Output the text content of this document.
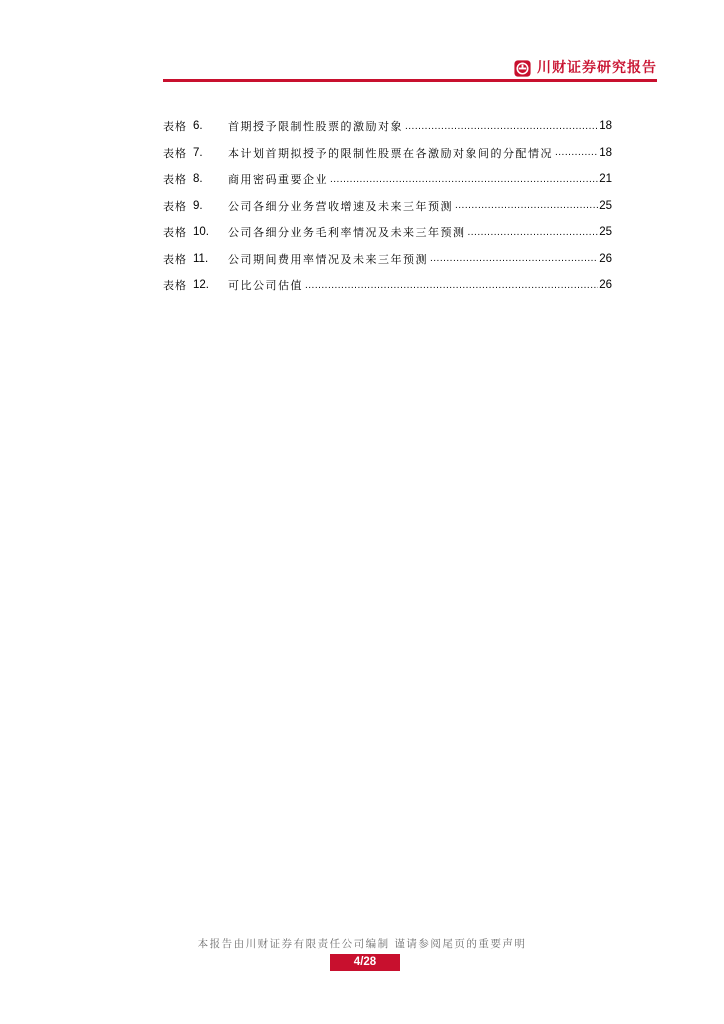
川财证券研究报告
表格 6.	首期授予限制性股票的激励对象 .....	18
表格 7.	本计划首期拟授予的限制性股票在各激励对象间的分配情况 .....	18
表格 8.	商用密码重要企业 .....	21
表格 9.	公司各细分业务营收增速及未来三年预测 .....	25
表格 10.	公司各细分业务毛利率情况及未来三年预测 .....	25
表格 11.	公司期间费用率情况及未来三年预测 .....	26
表格 12.	可比公司估值 .....	26
本报告由川财证券有限责任公司编制 谨请参阅尾页的重要声明
4/28
